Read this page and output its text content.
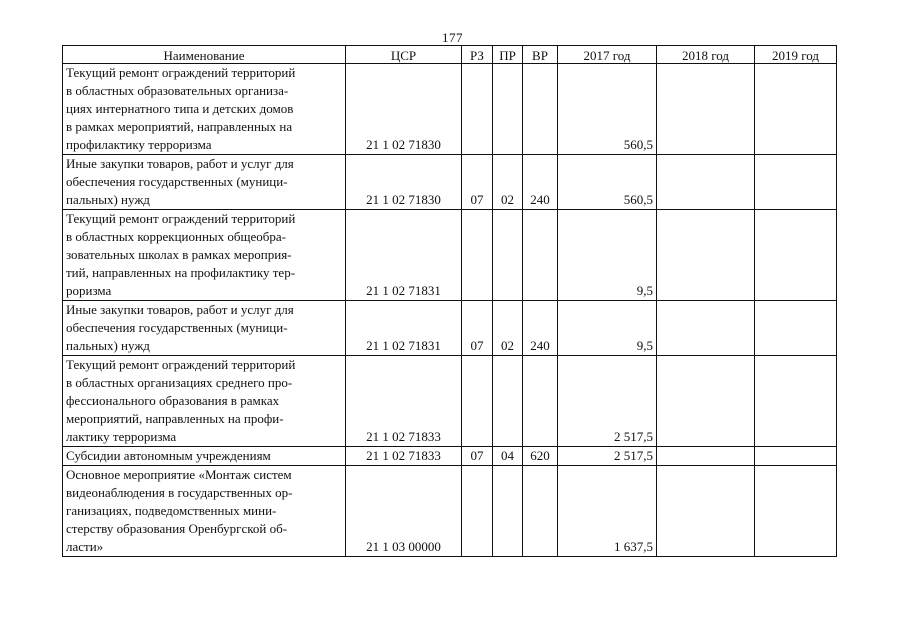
177
Наименование	ЦСР	РЗ	ПР	ВР	2017 год	2018 год	2019 год

Текущий ремонт ограждений территорий
в областных образовательных организа-
циях интернатного типа и детских домов
в рамках мероприятий, направленных на
профилактику терроризма	21 1 02 71830				560,5		

Иные закупки товаров, работ и услуг для
обеспечения государственных (муници-
пальных) нужд	21 1 02 71830	07	02	240	560,5		

Текущий ремонт ограждений территорий
в областных коррекционных общеобра-
зовательных школах в рамках мероприя-
тий, направленных на профилактику тер-
роризма	21 1 02 71831				9,5		

Иные закупки товаров, работ и услуг для
обеспечения государственных (муници-
пальных) нужд	21 1 02 71831	07	02	240	9,5		

Текущий ремонт ограждений территорий
в областных организациях среднего про-
фессионального образования в рамках
мероприятий, направленных на профи-
лактику терроризма	21 1 02 71833				2 517,5		

Субсидии автономным учреждениям	21 1 02 71833	07	04	620	2 517,5		

Основное мероприятие «Монтаж систем
видеонаблюдения в государственных ор-
ганизациях, подведомственных мини-
стерству образования Оренбургской об-
ласти»	21 1 03 00000				1 637,5		
